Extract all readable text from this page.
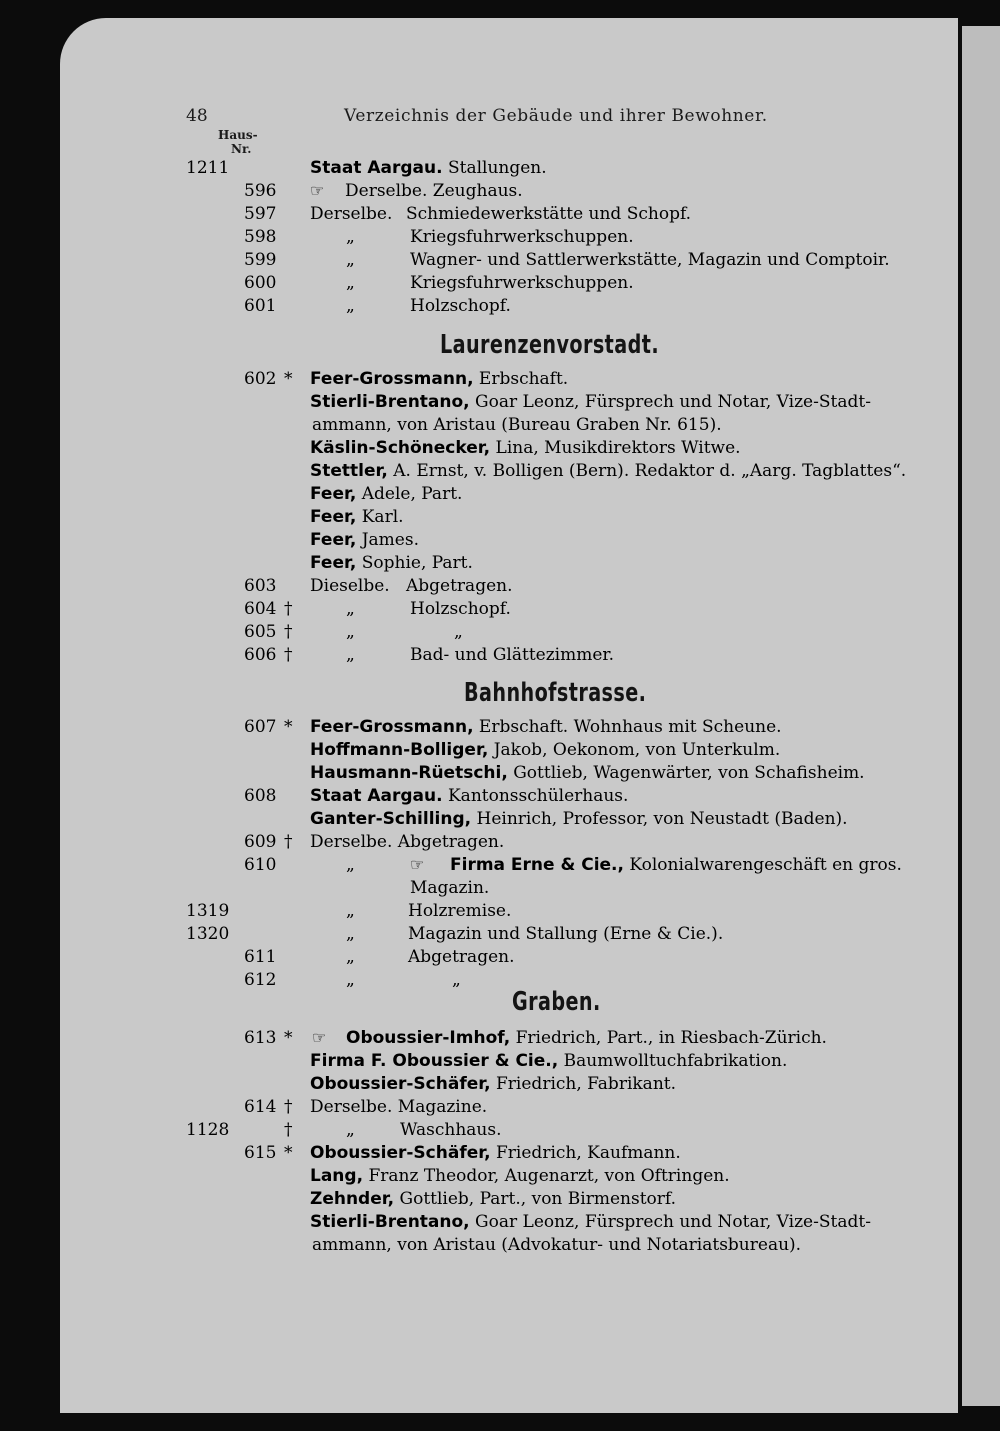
48	Verzeichnis der Gebäude und ihrer Bewohner.
Haus-
Nr.
1211	Staat Aargau. Stallungen.
596 ☞ Derselbe. Zeughaus.
597 Derselbe. Schmiedewerkstätte und Schopf.
598	„	Kriegsfuhrwerkschuppen.
599	„	Wagner- und Sattlerwerkstätte, Magazin und Comptoir.
600	„	Kriegsfuhrwerkschuppen.
601	„	Holzschopf.
Laurenzenvorstadt.
602 * Feer-Grossmann, Erbschaft.
Stierli-Brentano, Goar Leonz, Fürsprech und Notar, Vize-Stadt-
ammann, von Aristau (Bureau Graben Nr. 615).
Käslin-Schönecker, Lina, Musikdirektors Witwe.
Stettler, A. Ernst, v. Bolligen (Bern). Redaktor d. „Aarg. Tagblattes“.
Feer, Adele, Part.
Feer, Karl.
Feer, James.
Feer, Sophie, Part.
603 Dieselbe. Abgetragen.
604 †	„	Holzschopf.
605 †	„	„
606 †	„	Bad- und Glättezimmer.
Bahnhofstrasse.
607 * Feer-Grossmann, Erbschaft. Wohnhaus mit Scheune.
Hoffmann-Bolliger, Jakob, Oekonom, von Unterkulm.
Hausmann-Rüetschi, Gottlieb, Wagenwärter, von Schafisheim.
608 Staat Aargau. Kantonsschülerhaus.
Ganter-Schilling, Heinrich, Professor, von Neustadt (Baden).
609 † Derselbe. Abgetragen.
610	„	☞ Firma Erne & Cie., Kolonialwarengeschäft en gros.
Magazin.
1319	„	Holzremise.
1320	„	Magazin und Stallung (Erne & Cie.).
611	„	Abgetragen.
612	„	„
Graben.
613 * ☞ Oboussier-Imhof, Friedrich, Part., in Riesbach-Zürich.
Firma F. Oboussier & Cie., Baumwolltuchfabrikation.
Oboussier-Schäfer, Friedrich, Fabrikant.
614 † Derselbe. Magazine.
1128	†	„	Waschhaus.
615 * Oboussier-Schäfer, Friedrich, Kaufmann.
Lang, Franz Theodor, Augenarzt, von Oftringen.
Zehnder, Gottlieb, Part., von Birmenstorf.
Stierli-Brentano, Goar Leonz, Fürsprech und Notar, Vize-Stadt-
ammann, von Aristau (Advokatur- und Notariatsbureau).
